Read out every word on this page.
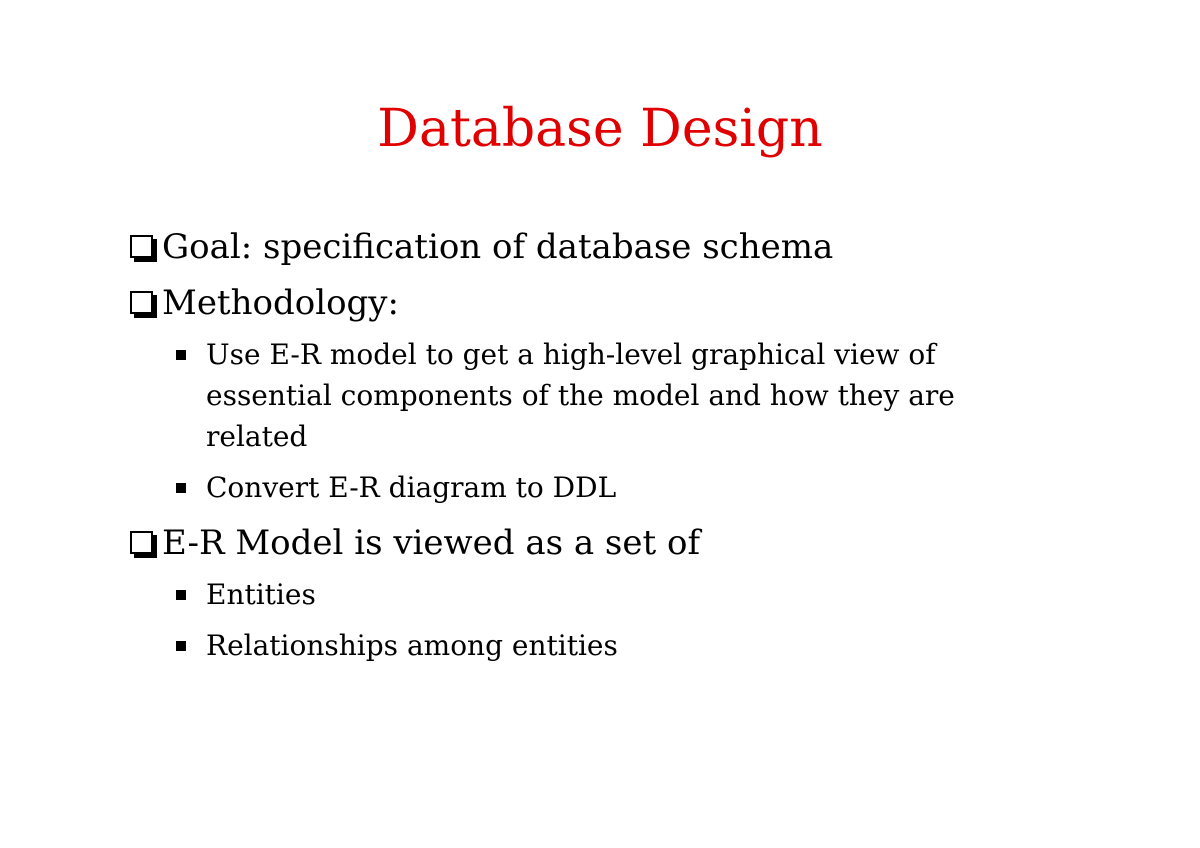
Database Design
Goal: specification of database schema
Methodology:
Use E-R model to get a high-level graphical view of essential components of the model and how they are related
Convert E-R diagram to DDL
E-R Model is viewed as a set of
Entities
Relationships among entities
